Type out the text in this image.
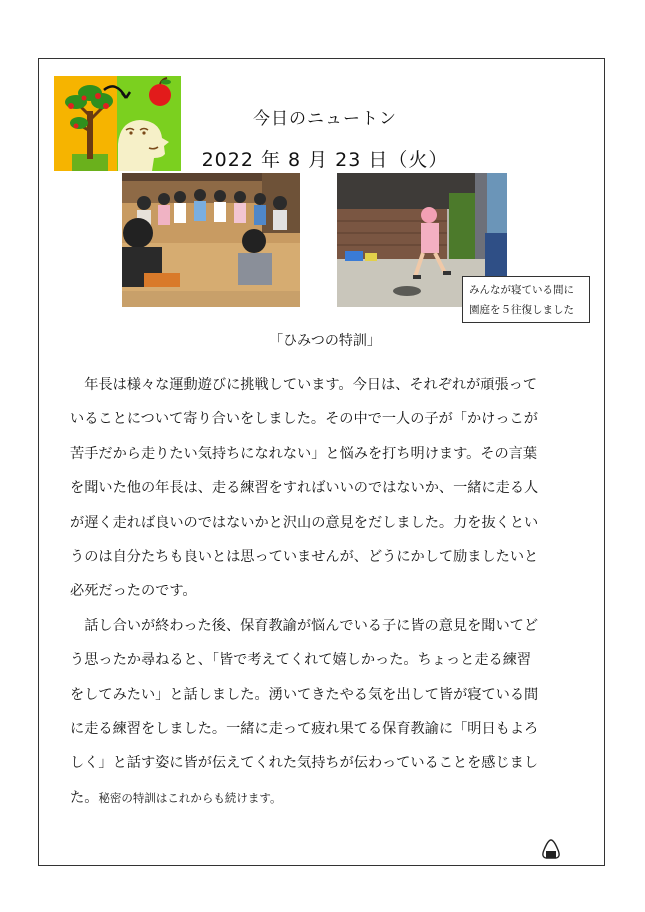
今日のニュートン
2022 年 8 月 23 日（火）
みんなが寝ている間に
園庭を５往復しました
「ひみつの特訓」
　年長は様々な運動遊びに挑戦しています。今日は、それぞれが頑張って
いることについて寄り合いをしました。その中で一人の子が「かけっこが
苦手だから走りたい気持ちになれない」と悩みを打ち明けます。その言葉
を聞いた他の年長は、走る練習をすればいいのではないか、一緒に走る人
が遅く走れば良いのではないかと沢山の意見をだしました。力を抜くとい
うのは自分たちも良いとは思っていませんが、どうにかして励ましたいと
必死だったのです。
　話し合いが終わった後、保育教諭が悩んでいる子に皆の意見を聞いてど
う思ったか尋ねると、「皆で考えてくれて嬉しかった。ちょっと走る練習
をしてみたい」と話しました。湧いてきたやる気を出して皆が寝ている間
に走る練習をしました。一緒に走って疲れ果てる保育教諭に「明日もよろ
しく」と話す姿に皆が伝えてくれた気持ちが伝わっていることを感じまし
た。秘密の特訓はこれからも続けます。
